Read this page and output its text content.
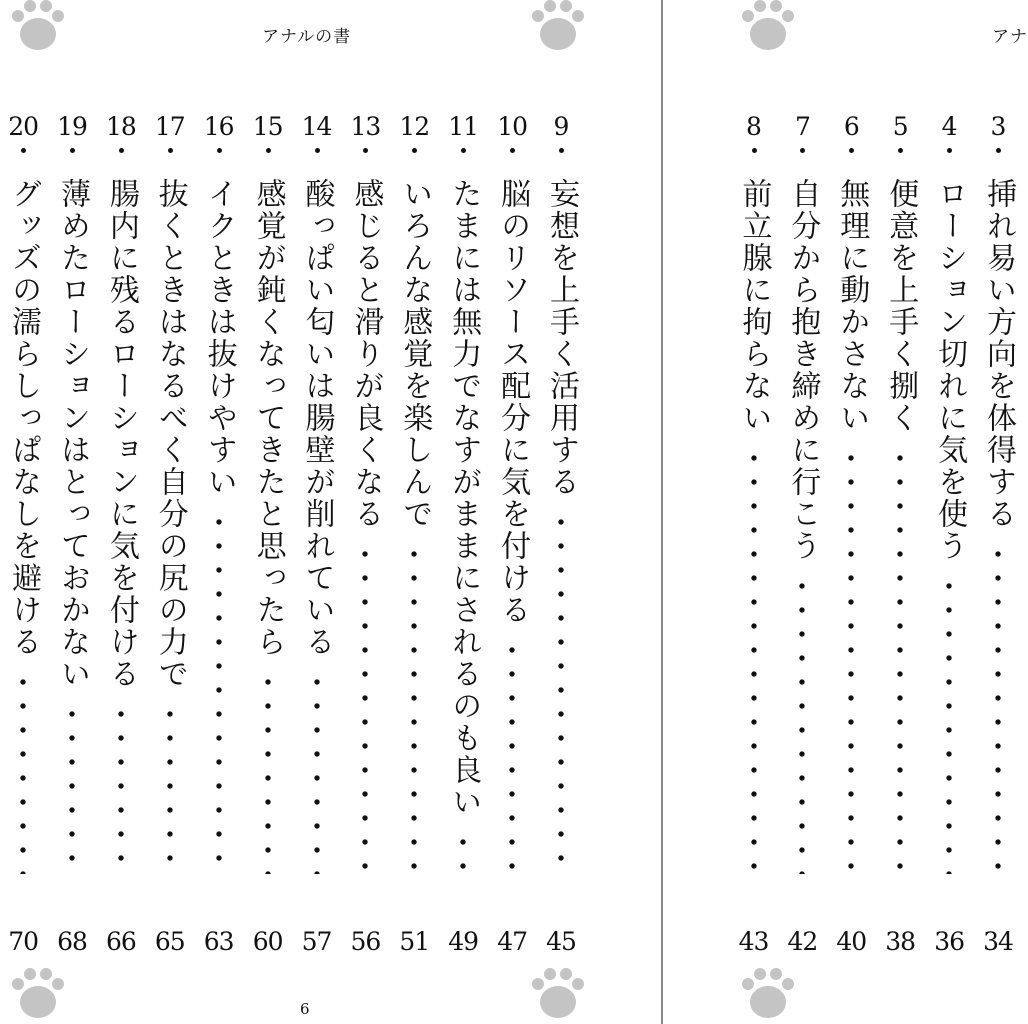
アナルの書
9
妄想を上手く活用する
45
10
脳のリソース配分に気を付ける
47
11
たまには無力でなすがままにされるのも良い
49
12
いろんな感覚を楽しんで
51
13
感じると滑りが良くなる
56
14
酸っぱい匂いは腸壁が削れている
57
15
感覚が鈍くなってきたと思ったら
60
16
イクときは抜けやすい
63
17
抜くときはなるべく自分の尻の力で
65
18
腸内に残るローションに気を付ける
66
19
薄めたローションはとっておかない
68
20
グッズの濡らしっぱなしを避ける
70
6
アナ
3
挿れ易い方向を体得する
34
4
ローション切れに気を使う
36
5
便意を上手く捌く
38
6
無理に動かさない
40
7
自分から抱き締めに行こう
42
8
前立腺に拘らない
43
